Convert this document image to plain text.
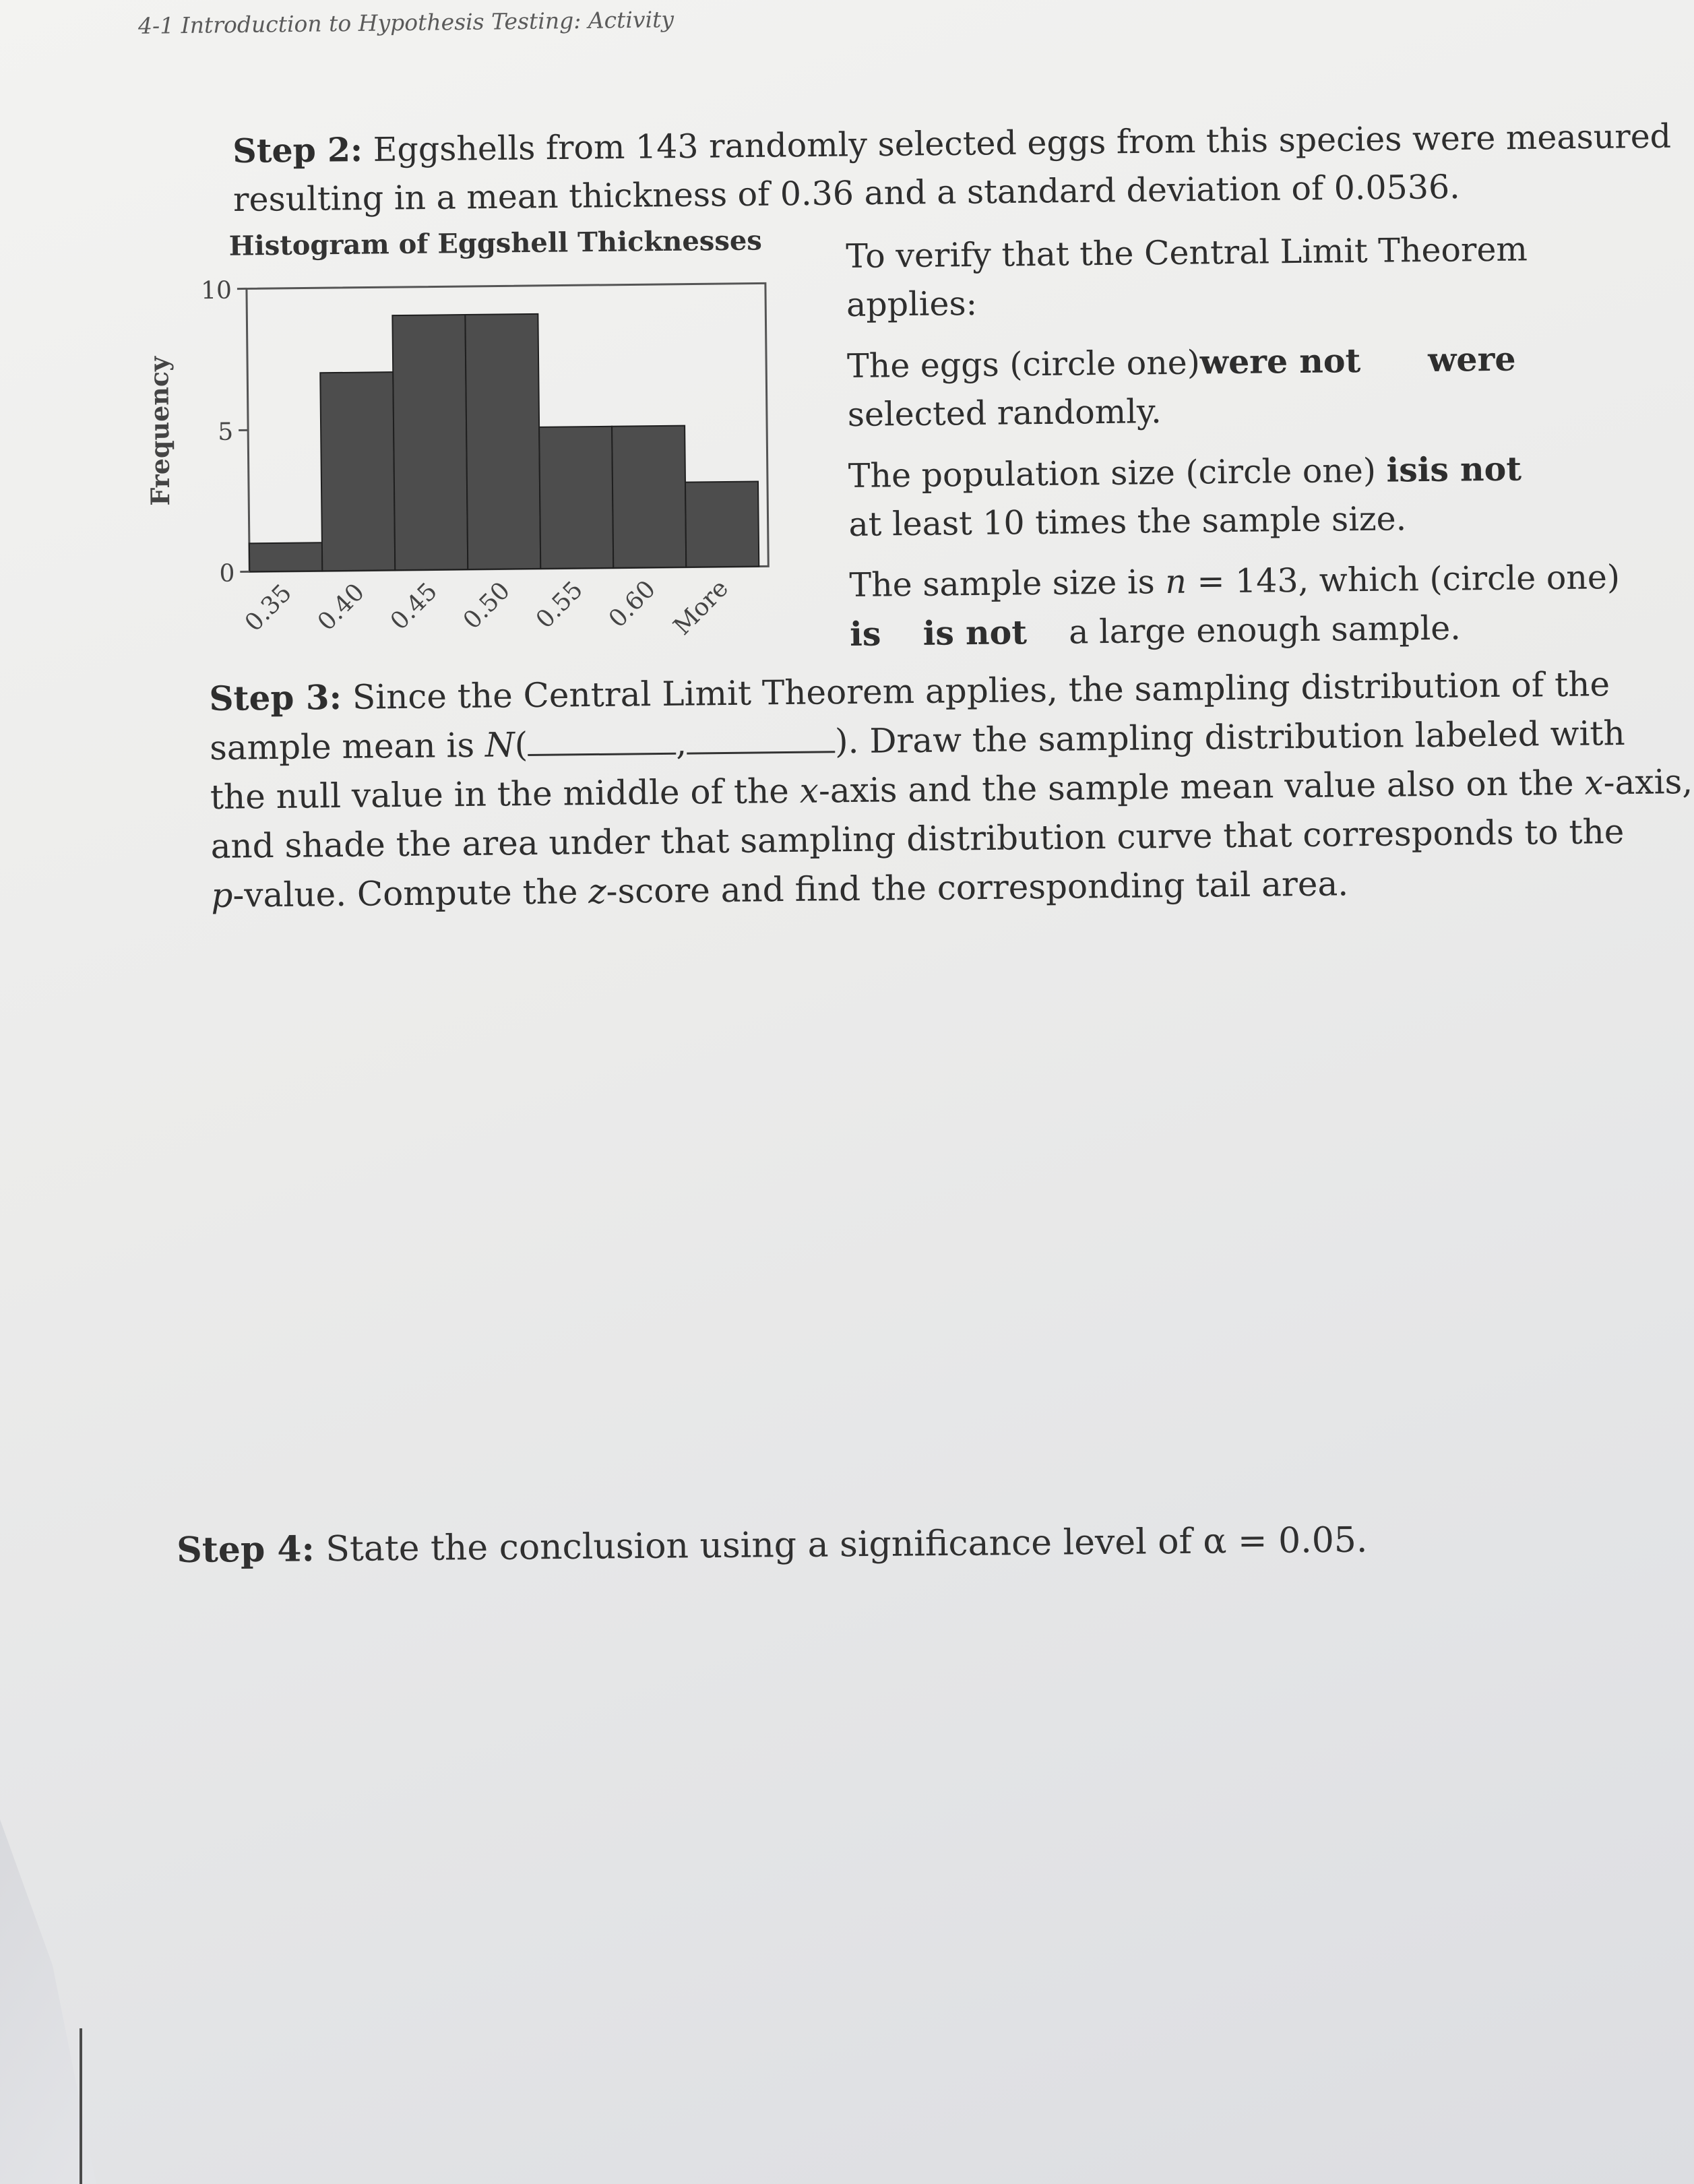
4-1 Introduction to Hypothesis Testing: Activity
Step 2: Eggshells from 143 randomly selected eggs from this species were measured
resulting in a mean thickness of 0.36 and a standard deviation of 0.0536.
Histogram of Eggshell Thicknesses
Frequency
0
5
10
0.35 0.40 0.45 0.50 0.55 0.60 More

To verify that the Central Limit Theorem
applies:

The eggs (circle one) were not were
selected randomly.

The population size (circle one) is is not
at least 10 times the sample size.

The sample size is n = 143, which (circle one)
is is not a large enough sample.

Step 3: Since the Central Limit Theorem applies, the sampling distribution of the
sample mean is N(	,	). Draw the sampling distribution labeled with
the null value in the middle of the x-axis and the sample mean value also on the x-axis,
and shade the area under that sampling distribution curve that corresponds to the
p-value. Compute the z-score and find the corresponding tail area.
Step 4: State the conclusion using a significance level of α = 0.05.
